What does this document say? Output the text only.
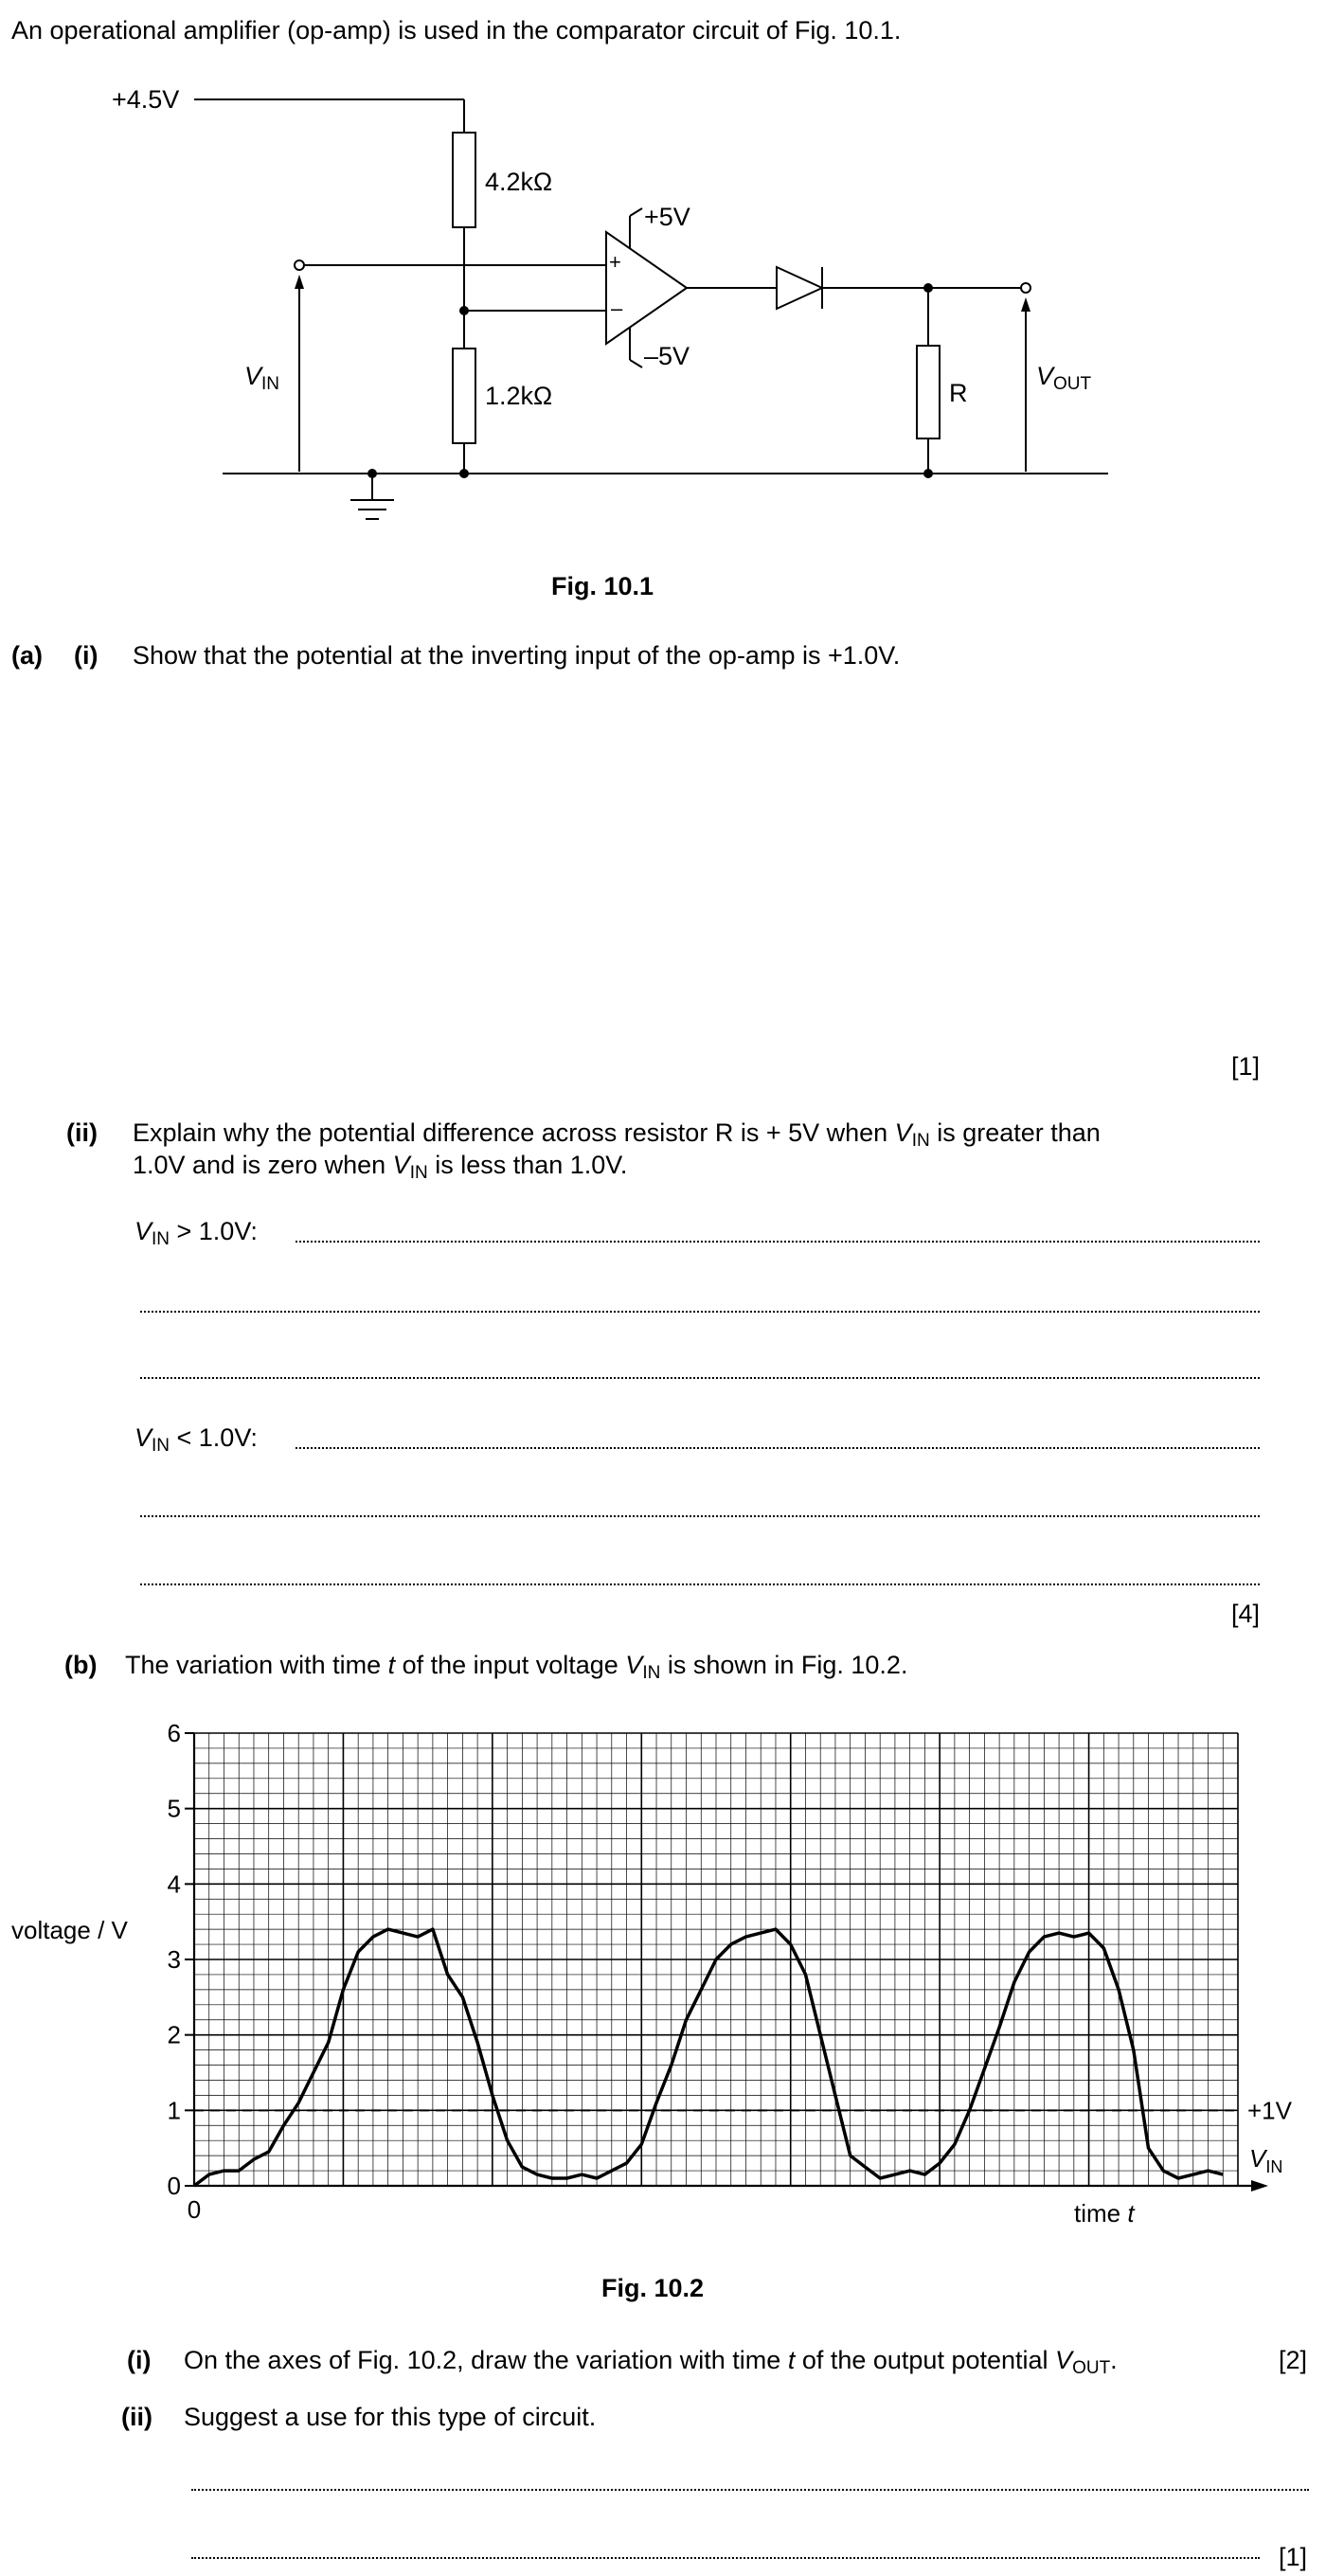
An operational amplifier (op-amp) is used in the comparator circuit of Fig. 10.1.
+4.5V
4.2kΩ
1.2kΩ
+5V
–5V
+
–
$V_{IN}$	R
$V_{OUT}$
Fig. 10.1
(a) (i) Show that the potential at the inverting input of the op-amp is +1.0V.
[1]
(ii) Explain why the potential difference across resistor R is + 5V when $V_{IN}$ is greater than
1.0V and is zero when $V_{IN}$ is less than 1.0V.
$V_{IN} > 1.0V$:
$V_{IN} < 1.0V$:
[4]
(b) The variation with time t of the input voltage $V_{IN}$ is shown in Fig. 10.2.
0
1
2
3
4
5
6
0
voltage / V
time t
+1V
$V_{IN}$
Fig. 10.2
(i) On the axes of Fig. 10.2, draw the variation with time t of the output potential $V_{OUT}$.	[2]
(ii) Suggest a use for this type of circuit.
[1]
